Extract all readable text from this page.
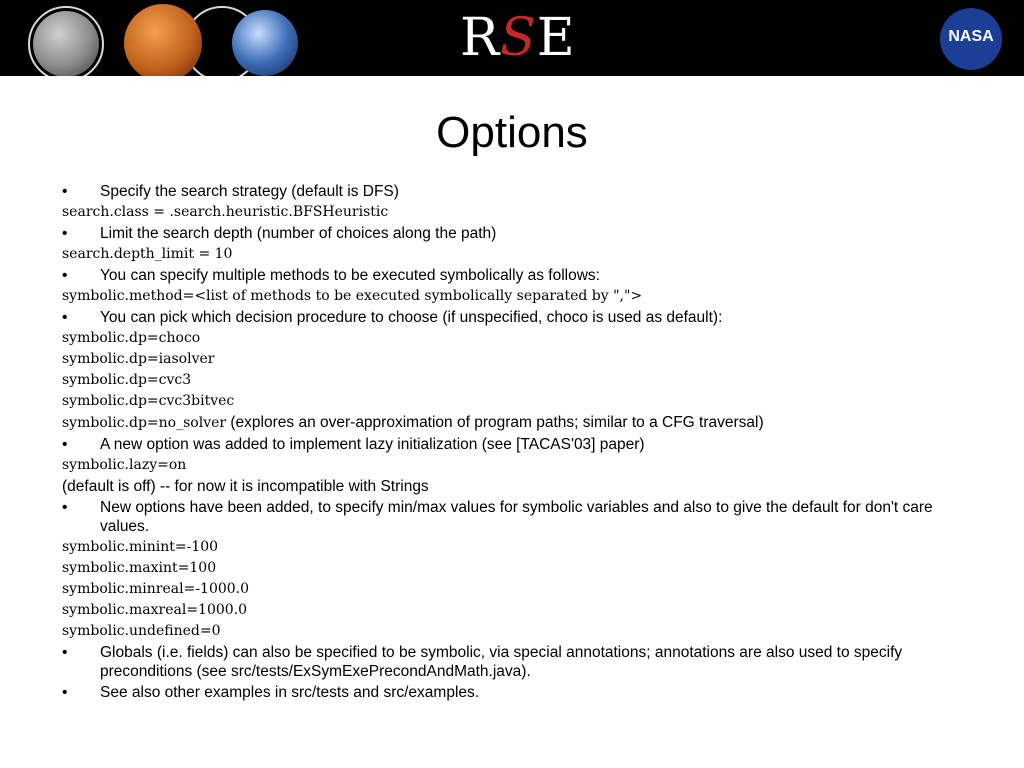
RSE	NASA
Options
•	Specify the search strategy (default is DFS)
search.class = .search.heuristic.BFSHeuristic
•	Limit the search depth (number of choices along the path)
search.depth_limit = 10
•	You can specify multiple methods to be executed symbolically as follows:
symbolic.method=<list of methods to be executed symbolically separated by ",">
•	You can pick which decision procedure to choose (if unspecified, choco is used as default):
symbolic.dp=choco
symbolic.dp=iasolver
symbolic.dp=cvc3
symbolic.dp=cvc3bitvec
symbolic.dp=no_solver (explores an over-approximation of program paths; similar to a CFG traversal)
•	A new option was added to implement lazy initialization (see [TACAS'03] paper)
symbolic.lazy=on
(default is off) -- for now it is incompatible with Strings
•	New options have been added, to specify min/max values for symbolic variables and also to give the default for don't care values.
symbolic.minint=-100
symbolic.maxint=100
symbolic.minreal=-1000.0
symbolic.maxreal=1000.0
symbolic.undefined=0
•	Globals (i.e. fields) can also be specified to be symbolic, via special annotations; annotations are also used to specify preconditions (see src/tests/ExSymExePrecondAndMath.java).
•	See also other examples in src/tests and src/examples.
